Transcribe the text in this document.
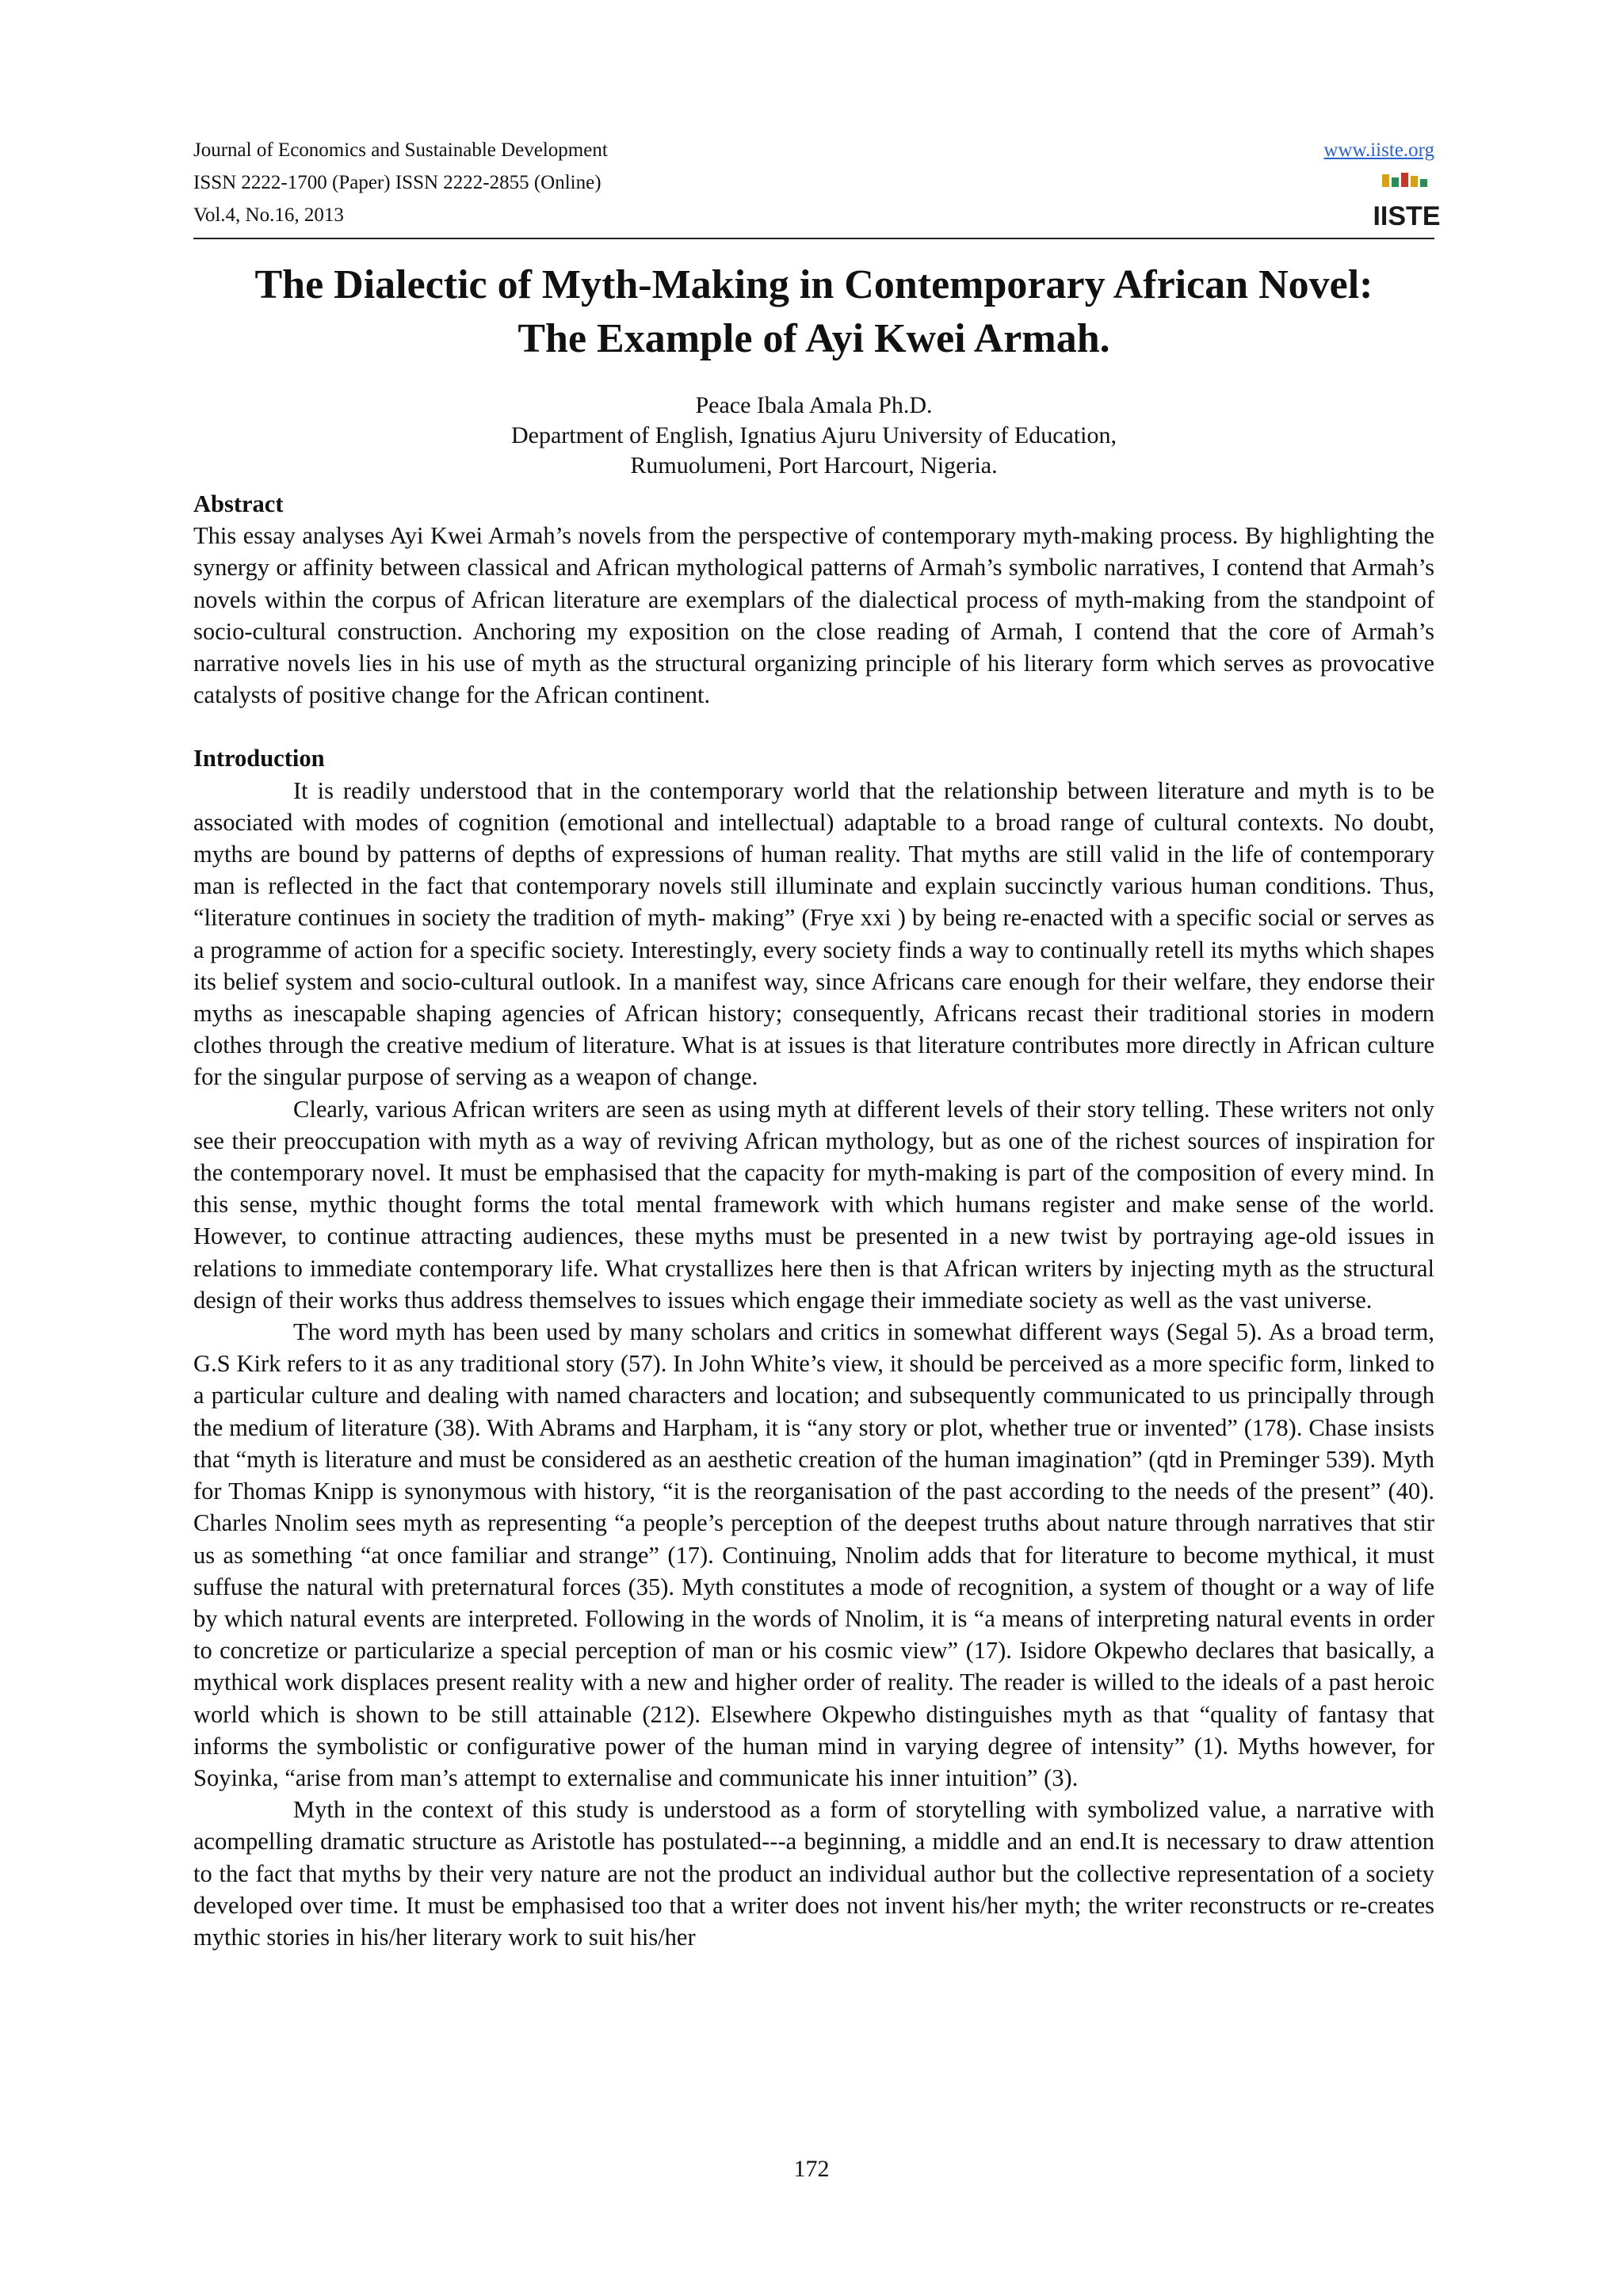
Journal of Economics and Sustainable Development
ISSN 2222-1700 (Paper) ISSN 2222-2855 (Online)
Vol.4, No.16, 2013
www.iiste.org
IISTE
The Dialectic of Myth-Making in Contemporary African Novel:
The Example of Ayi Kwei Armah.
Peace Ibala Amala Ph.D.
Department of English, Ignatius Ajuru University of Education,
Rumuolumeni, Port Harcourt, Nigeria.
Abstract

This essay analyses Ayi Kwei Armah’s novels from the perspective of contemporary myth-making process. By highlighting the synergy or affinity between classical and African mythological patterns of Armah’s symbolic narratives, I contend that Armah’s novels within the corpus of African literature are exemplars of the dialectical process of myth-making from the standpoint of socio-cultural construction. Anchoring my exposition on the close reading of Armah, I contend that the core of Armah’s narrative novels lies in his use of myth as the structural organizing principle of his literary form which serves as provocative catalysts of positive change for the African continent.

Introduction

It is readily understood that in the contemporary world that the relationship between literature and myth is to be associated with modes of cognition (emotional and intellectual) adaptable to a broad range of cultural contexts. No doubt, myths are bound by patterns of depths of expressions of human reality. That myths are still valid in the life of contemporary man is reflected in the fact that contemporary novels still illuminate and explain succinctly various human conditions. Thus, “literature continues in society the tradition of myth- making” (Frye xxi ) by being re-enacted with a specific social or serves as a programme of action for a specific society. Interestingly, every society finds a way to continually retell its myths which shapes its belief system and socio-cultural outlook. In a manifest way, since Africans care enough for their welfare, they endorse their myths as inescapable shaping agencies of African history; consequently, Africans recast their traditional stories in modern clothes through the creative medium of literature. What is at issues is that literature contributes more directly in African culture for the singular purpose of serving as a weapon of change.

Clearly, various African writers are seen as using myth at different levels of their story telling. These writers not only see their preoccupation with myth as a way of reviving African mythology, but as one of the richest sources of inspiration for the contemporary novel. It must be emphasised that the capacity for myth-making is part of the composition of every mind. In this sense, mythic thought forms the total mental framework with which humans register and make sense of the world. However, to continue attracting audiences, these myths must be presented in a new twist by portraying age-old issues in relations to immediate contemporary life. What crystallizes here then is that African writers by injecting myth as the structural design of their works thus address themselves to issues which engage their immediate society as well as the vast universe.

The word myth has been used by many scholars and critics in somewhat different ways (Segal 5). As a broad term, G.S Kirk refers to it as any traditional story (57). In John White’s view, it should be perceived as a more specific form, linked to a particular culture and dealing with named characters and location; and subsequently communicated to us principally through the medium of literature (38). With Abrams and Harpham, it is “any story or plot, whether true or invented” (178). Chase insists that “myth is literature and must be considered as an aesthetic creation of the human imagination” (qtd in Preminger 539). Myth for Thomas Knipp is synonymous with history, “it is the reorganisation of the past according to the needs of the present” (40). Charles Nnolim sees myth as representing “a people’s perception of the deepest truths about nature through narratives that stir us as something “at once familiar and strange” (17). Continuing, Nnolim adds that for literature to become mythical, it must suffuse the natural with preternatural forces (35). Myth constitutes a mode of recognition, a system of thought or a way of life by which natural events are interpreted. Following in the words of Nnolim, it is “a means of interpreting natural events in order to concretize or particularize a special perception of man or his cosmic view” (17). Isidore Okpewho declares that basically, a mythical work displaces present reality with a new and higher order of reality. The reader is willed to the ideals of a past heroic world which is shown to be still attainable (212). Elsewhere Okpewho distinguishes myth as that “quality of fantasy that informs the symbolistic or configurative power of the human mind in varying degree of intensity” (1). Myths however, for Soyinka, “arise from man’s attempt to externalise and communicate his inner intuition” (3).

Myth in the context of this study is understood as a form of storytelling with symbolized value, a narrative with acompelling dramatic structure as Aristotle has postulated---a beginning, a middle and an end.It is necessary to draw attention to the fact that myths by their very nature are not the product an individual author but the collective representation of a society developed over time. It must be emphasised too that a writer does not invent his/her myth; the writer reconstructs or re-creates mythic stories in his/her literary work to suit his/her

172
